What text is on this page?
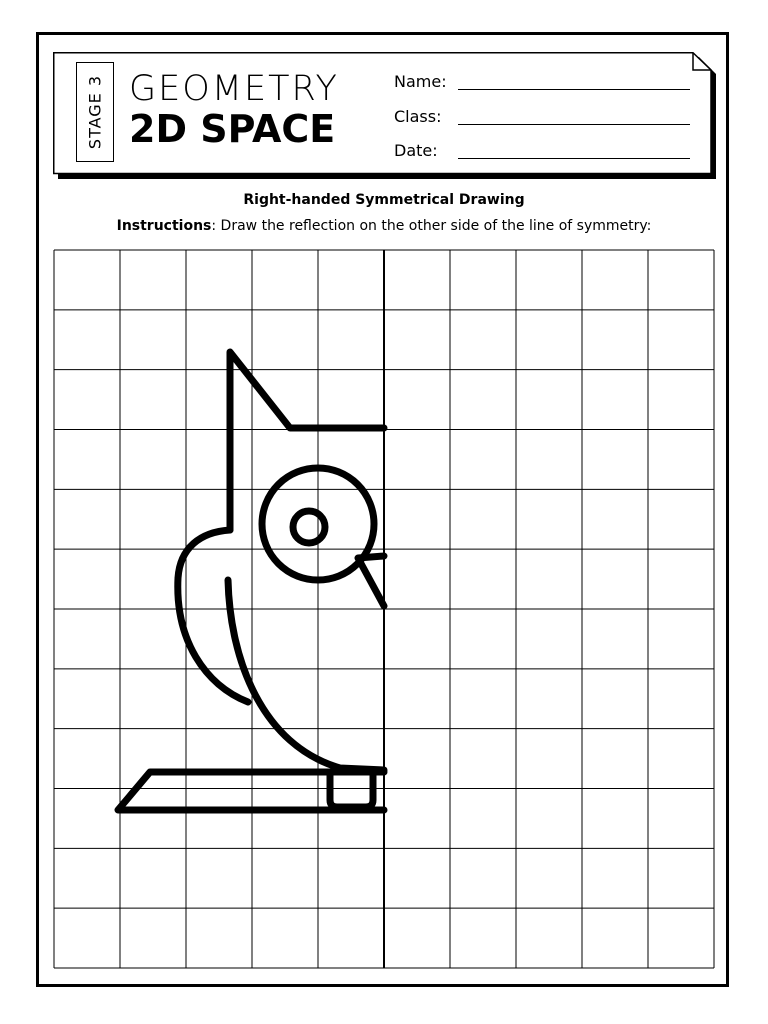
STAGE 3 GEOMETRY
2D SPACE
Name:
Class:
Date:
Right-handed Symmetrical Drawing
Instructions: Draw the reflection on the other side of the line of symmetry:
